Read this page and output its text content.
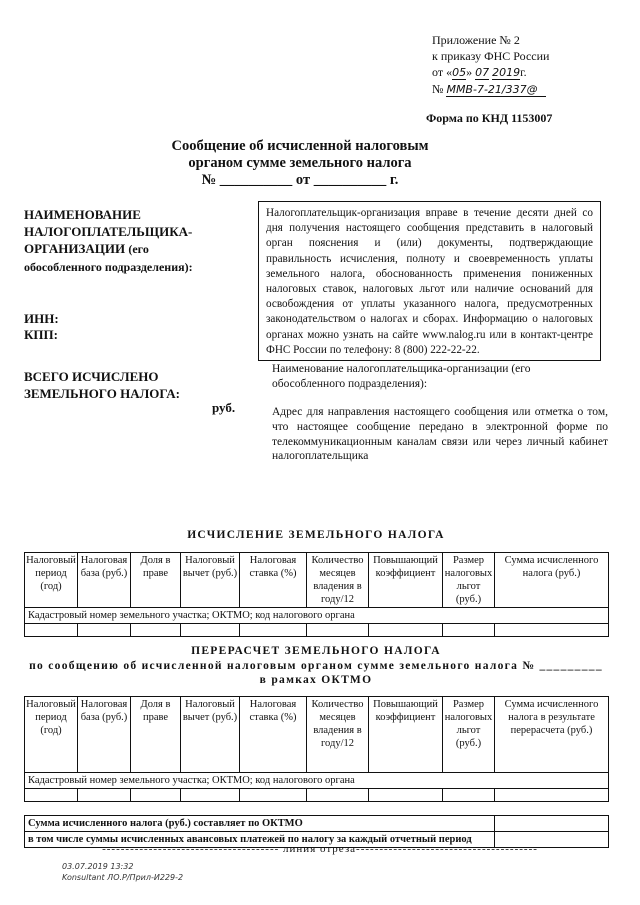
Приложение № 2
к приказу ФНС России
от «05» 07 2019г.
№ ММВ-7-21/337@
Форма по КНД 1153007
Сообщение об исчисленной налоговым
органом сумме земельного налога
№ __________ от __________ г.
НАИМЕНОВАНИЕ НАЛОГОПЛАТЕЛЬЩИКА-ОРГАНИЗАЦИИ (его обособленного подразделения):
ИНН:
КПП:
ВСЕГО ИСЧИСЛЕНО ЗЕМЕЛЬНОГО НАЛОГА:
руб.
Налогоплательщик-организация вправе в течение десяти дней со дня получения настоящего сообщения представить в налоговый орган пояснения и (или) документы, подтверждающие правильность исчисления, полноту и своевременность уплаты земельного налога, обоснованность применения пониженных налоговых ставок, налоговых льгот или наличие оснований для освобождения от уплаты указанного налога, предусмотренных законодательством о налогах и сборах. Информацию о налоговых органах можно узнать на сайте www.nalog.ru или в контакт-центре ФНС России по телефону: 8 (800) 222-22-22.
Наименование налогоплательщика-организации (его обособленного подразделения):
Адрес для направления настоящего сообщения или отметка о том, что настоящее сообщение передано в электронной форме по телекоммуникационным каналам связи или через личный кабинет налогоплательщика
ИСЧИСЛЕНИЕ ЗЕМЕЛЬНОГО НАЛОГА
Налоговый период (год)	Налоговая база (руб.)	Доля в праве	Налоговый вычет (руб.)	Налоговая ставка (%)	Количество месяцев владения в году/12	Повышающий коэффициент	Размер налоговых льгот (руб.)	Сумма исчисленного налога (руб.)
Кадастровый номер земельного участка; ОКТМО; код налогового органа								

ПЕРЕРАСЧЕТ ЗЕМЕЛЬНОГО НАЛОГА
по сообщению об исчисленной налоговым органом сумме земельного налога № _________
в рамках ОКТМО
Налоговый период (год)	Налоговая база (руб.)	Доля в праве	Налоговый вычет (руб.)	Налоговая ставка (%)	Количество месяцев владения в году/12	Повышающий коэффициент	Размер налоговых льгот (руб.)	Сумма исчисленного налога в результате перерасчета (руб.)
Кадастровый номер земельного участка; ОКТМО; код налогового органа								

Сумма исчисленного налога (руб.) составляет по ОКТМО	
в том числе суммы исчисленных авансовых платежей по налогу за каждый отчетный период	
-------------------------------------- линия отреза---------------------------------------
03.07.2019 13:32
Konsultant ЛО.Р/Прил-И229-2
